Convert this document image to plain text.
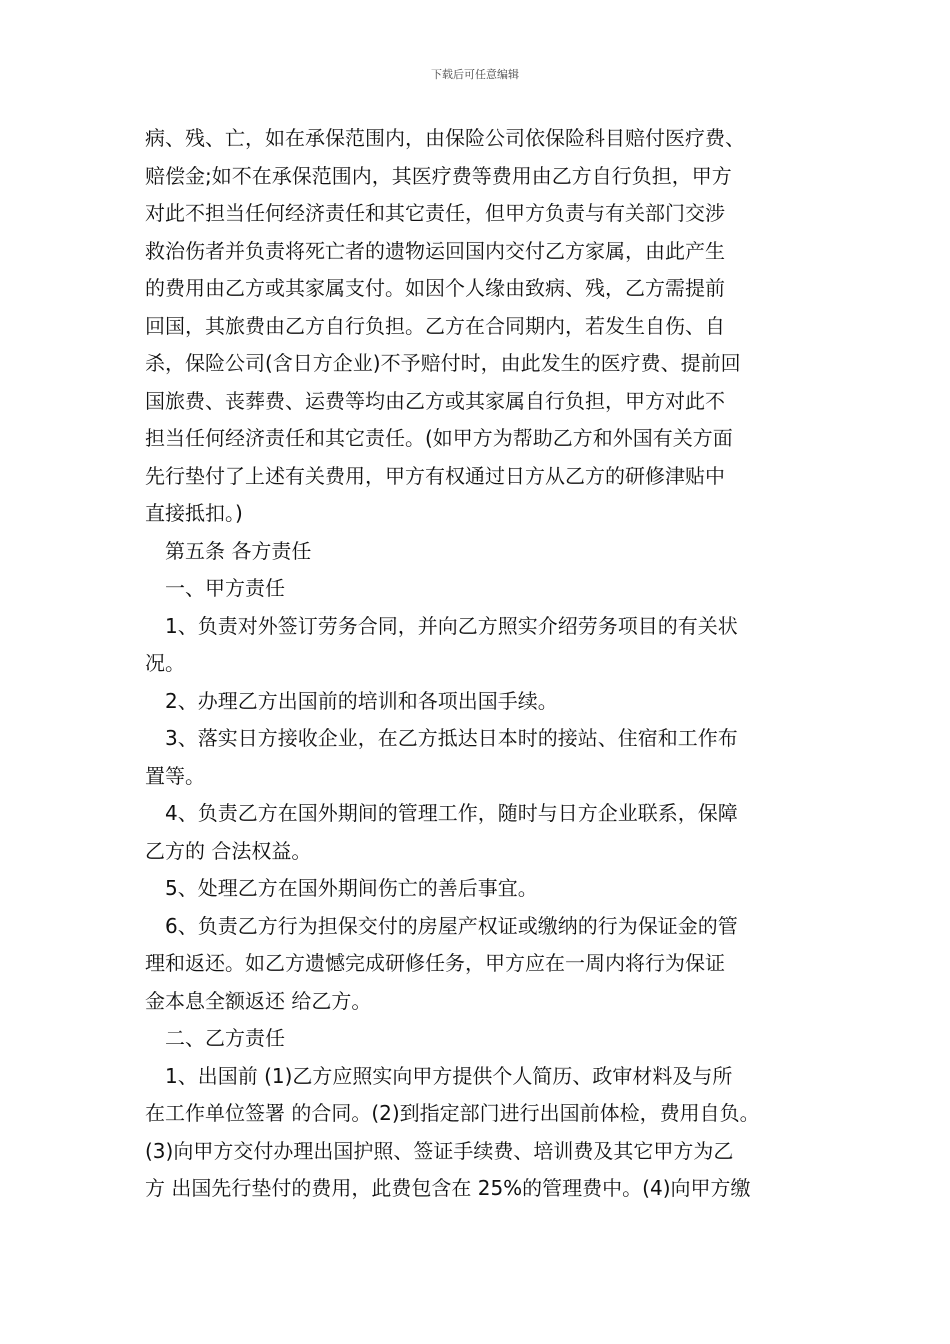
下载后可任意编辑

病、残、亡，如在承保范围内，由保险公司依保险科目赔付医疗费、

赔偿金;如不在承保范围内，其医疗费等费用由乙方自行负担，甲方

对此不担当任何经济责任和其它责任，但甲方负责与有关部门交涉

救治伤者并负责将死亡者的遗物运回国内交付乙方家属，由此产生

的费用由乙方或其家属支付。如因个人缘由致病、残，乙方需提前

回国，其旅费由乙方自行负担。乙方在合同期内，若发生自伤、自

杀，保险公司(含日方企业)不予赔付时，由此发生的医疗费、提前回

国旅费、丧葬费、运费等均由乙方或其家属自行负担，甲方对此不

担当任何经济责任和其它责任。(如甲方为帮助乙方和外国有关方面

先行垫付了上述有关费用，甲方有权通过日方从乙方的研修津贴中

直接抵扣。)

第五条 各方责任

一、甲方责任

1、负责对外签订劳务合同，并向乙方照实介绍劳务项目的有关状

况。

2、办理乙方出国前的培训和各项出国手续。

3、落实日方接收企业，在乙方抵达日本时的接站、住宿和工作布

置等。

4、负责乙方在国外期间的管理工作，随时与日方企业联系，保障

乙方的 合法权益。

5、处理乙方在国外期间伤亡的善后事宜。

6、负责乙方行为担保交付的房屋产权证或缴纳的行为保证金的管

理和返还。如乙方遗憾完成研修任务，甲方应在一周内将行为保证

金本息全额返还 给乙方。

二、乙方责任

1、出国前 (1)乙方应照实向甲方提供个人简历、政审材料及与所

在工作单位签署 的合同。(2)到指定部门进行出国前体检，费用自负。

(3)向甲方交付办理出国护照、签证手续费、培训费及其它甲方为乙

方 出国先行垫付的费用，此费包含在 25%的管理费中。(4)向甲方缴
